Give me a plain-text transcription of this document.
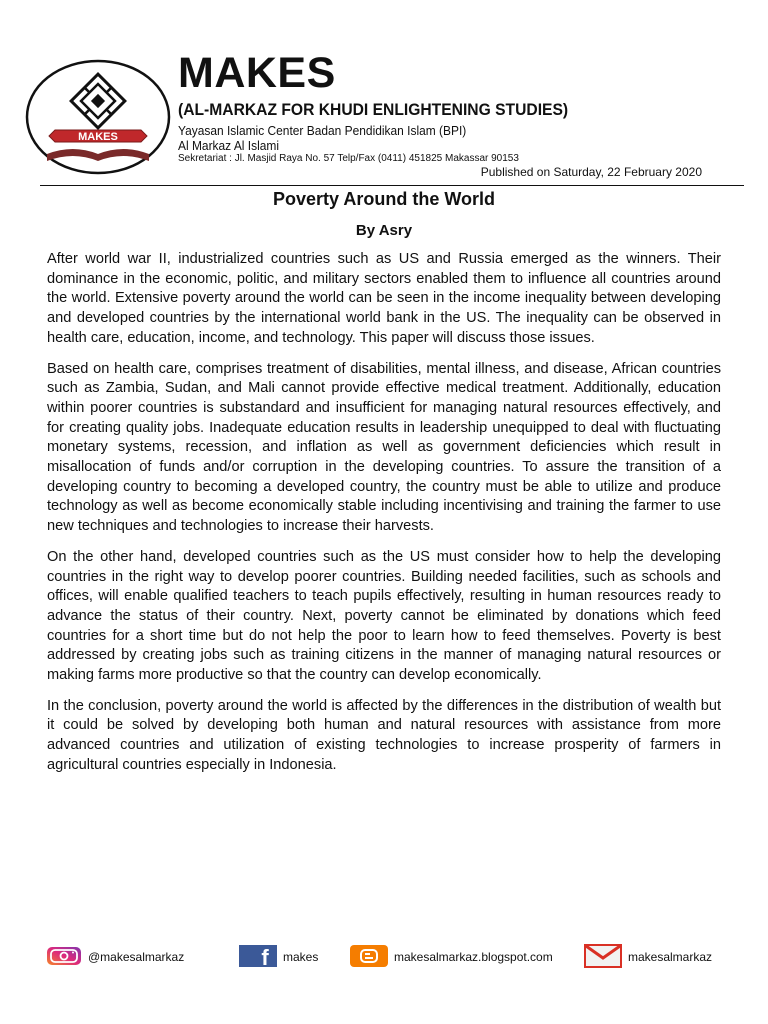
MAKES
MAKES
(AL-MARKAZ FOR KHUDI ENLIGHTENING STUDIES)
Yayasan Islamic Center Badan Pendidikan Islam (BPI)
Al Markaz Al Islami
Sekretariat : Jl. Masjid Raya No. 57 Telp/Fax (0411) 451825 Makassar 90153
Published on Saturday, 22 February 2020
Poverty Around the World
By Asry

After world war II, industrialized countries such as US and Russia emerged as the winners. Their dominance in the economic, politic, and military sectors enabled them to influence all countries around the world. Extensive poverty around the world can be seen in the income inequality between developing and developed countries by the international world bank in the US. The inequality can be observed in health care, education, income, and technology. This paper will discuss those issues.

Based on health care, comprises treatment of disabilities, mental illness, and disease, African countries such as Zambia, Sudan, and Mali cannot provide effective medical treatment. Additionally, education within poorer countries is substandard and insufficient for managing natural resources effectively, and for creating quality jobs. Inadequate education results in leadership unequipped to deal with fluctuating monetary systems, recession, and inflation as well as government deficiencies which result in misallocation of funds and/or corruption in the developing countries. To assure the transition of a developing country to becoming a developed country, the country must be able to utilize and produce technology as well as become economically stable including incentivising and training the farmer to use new techniques and technologies to increase their harvests.

On the other hand, developed countries such as the US must consider how to help the developing countries in the right way to develop poorer countries. Building needed facilities, such as schools and offices, will enable qualified teachers to teach pupils effectively, resulting in human resources ready to advance the status of their country. Next, poverty cannot be eliminated by donations which feed countries for a short time but do not help the poor to learn how to feed themselves. Poverty is best addressed by creating jobs such as training citizens in the manner of managing natural resources or making farms more productive so that the country can develop economically.

In the conclusion, poverty around the world is affected by the differences in the distribution of wealth but it could be solved by developing both human and natural resources with assistance from more advanced countries and utilization of existing technologies to increase prosperity of farmers in agricultural countries especially in Indonesia.

@makesalmarkaz	f makes	makesalmarkaz.blogspot.com	makesalmarkaz
